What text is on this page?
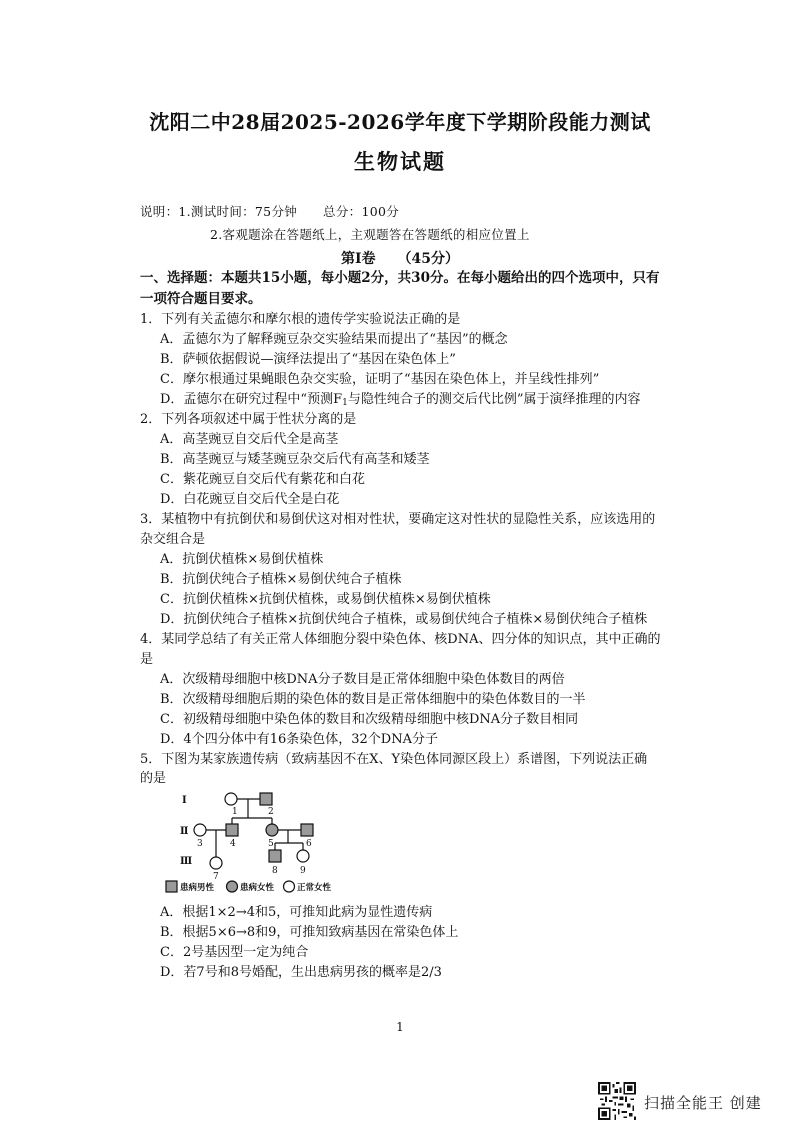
沈阳二中28届2025-2026学年度下学期阶段能力测试
生物试题
说明：1.测试时间：75分钟 总分：100分
2.客观题涂在答题纸上，主观题答在答题纸的相应位置上
第Ⅰ卷 （45分）
一、选择题：本题共15小题，每小题2分，共30分。在每小题给出的四个选项中，只有
一项符合题目要求。
1．下列有关孟德尔和摩尔根的遗传学实验说法正确的是
A．孟德尔为了解释豌豆杂交实验结果而提出了“基因”的概念
B．萨顿依据假说—演绎法提出了“基因在染色体上”
C．摩尔根通过果蝇眼色杂交实验，证明了“基因在染色体上，并呈线性排列”
D．孟德尔在研究过程中“预测$F_1$与隐性纯合子的测交后代比例”属于演绎推理的内容
2．下列各项叙述中属于性状分离的是
A．高茎豌豆自交后代全是高茎
B．高茎豌豆与矮茎豌豆杂交后代有高茎和矮茎
C．紫花豌豆自交后代有紫花和白花
D．白花豌豆自交后代全是白花
3．某植物中有抗倒伏和易倒伏这对相对性状，要确定这对性状的显隐性关系，应该选用的
杂交组合是
A．抗倒伏植株×易倒伏植株
B．抗倒伏纯合子植株×易倒伏纯合子植株
C．抗倒伏植株×抗倒伏植株，或易倒伏植株×易倒伏植株
D．抗倒伏纯合子植株×抗倒伏纯合子植株，或易倒伏纯合子植株×易倒伏纯合子植株
4．某同学总结了有关正常人体细胞分裂中染色体、核DNA、四分体的知识点，其中正确的
是
A．次级精母细胞中核DNA分子数目是正常体细胞中染色体数目的两倍
B．次级精母细胞后期的染色体的数目是正常体细胞中的染色体数目的一半
C．初级精母细胞中染色体的数目和次级精母细胞中核DNA分子数目相同
D．4个四分体中有16条染色体，32个DNA分子
5．下图为某家族遗传病（致病基因不在X、Y染色体同源区段上）系谱图，下列说法正确
的是
Ⅰ
Ⅱ
Ⅲ
1	2
3	4	5	6
7
8 9
患病男性	患病女性	正常女性
A．根据1×2→4和5，可推知此病为显性遗传病
B．根据5×6→8和9，可推知致病基因在常染色体上
C．2号基因型一定为纯合
D．若7号和8号婚配，生出患病男孩的概率是2/3
1
扫描全能王 创建
